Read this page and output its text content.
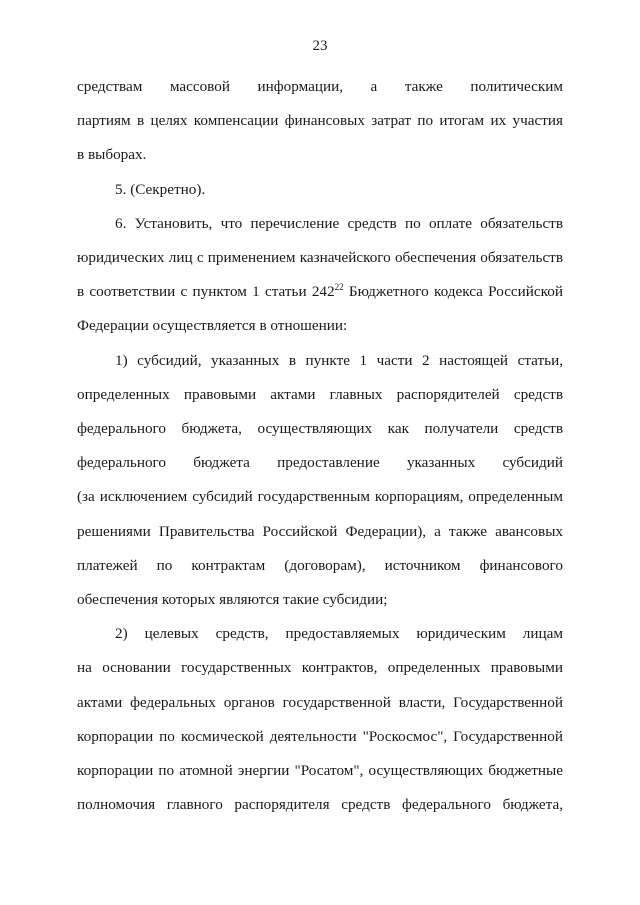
23
средствам массовой информации, а также политическим
партиям в целях компенсации финансовых затрат по итогам их участия
в выборах.
5. (Секретно).
6. Установить, что перечисление средств по оплате обязательств
юридических лиц с применением казначейского обеспечения обязательств
в соответствии с пунктом 1 статьи $242^{22}$ Бюджетного кодекса Российской
Федерации осуществляется в отношении:
1) субсидий, указанных в пункте 1 части 2 настоящей статьи,
определенных правовыми актами главных распорядителей средств
федерального бюджета, осуществляющих как получатели средств
федерального бюджета предоставление указанных субсидий
(за исключением субсидий государственным корпорациям, определенным
решениями Правительства Российской Федерации), а также авансовых
платежей по контрактам (договорам), источником финансового
обеспечения которых являются такие субсидии;
2) целевых средств, предоставляемых юридическим лицам
на основании государственных контрактов, определенных правовыми
актами федеральных органов государственной власти, Государственной
корпорации по космической деятельности "Роскосмос", Государственной
корпорации по атомной энергии "Росатом", осуществляющих бюджетные
полномочия главного распорядителя средств федерального бюджета,
